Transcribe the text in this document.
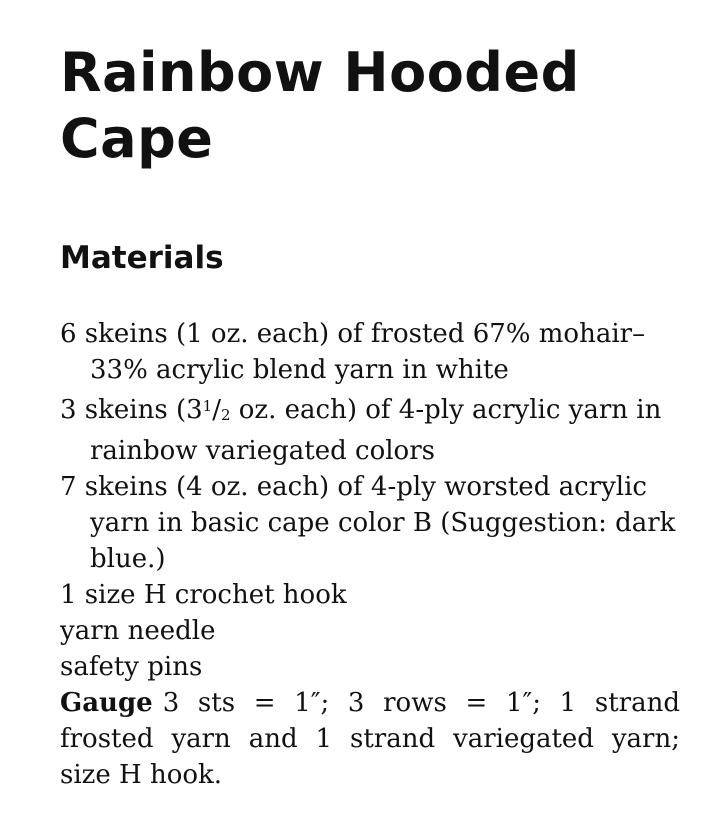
Rainbow Hooded
Cape
Materials
6 skeins (1 oz. each) of frosted 67% mohair–33% acrylic blend yarn in white
3 skeins ($3^1/2$ oz. each) of 4-ply acrylic yarn in rainbow variegated colors
7 skeins (4 oz. each) of 4-ply worsted acrylic yarn in basic cape color B (Suggestion: dark blue.)
1 size H crochet hook
yarn needle
safety pins

Gauge 3 sts = 1″; 3 rows = 1″; 1 strand frosted yarn and 1 strand variegated yarn; size H hook.
